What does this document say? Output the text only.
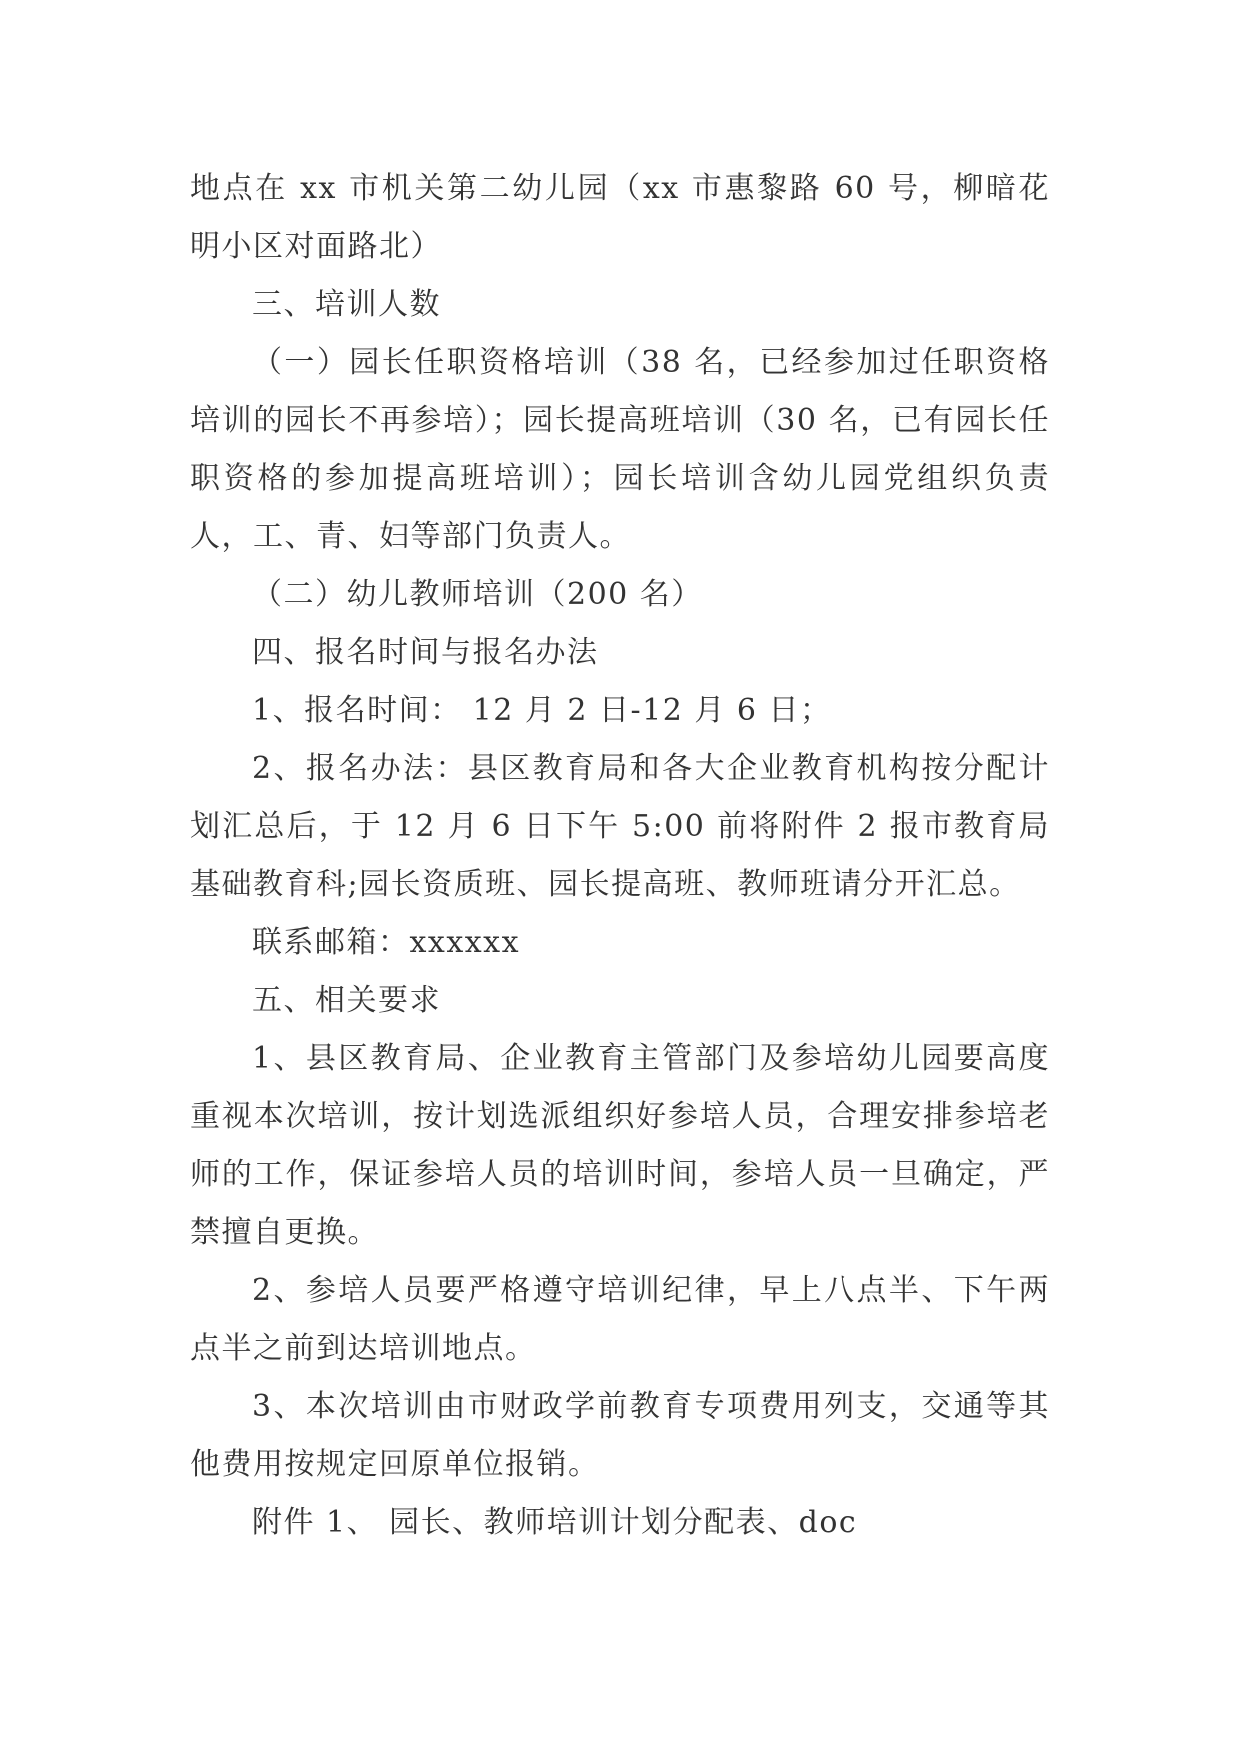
地点在 xx 市机关第二幼儿园（xx 市惠黎路 60 号，柳暗花明小区对面路北）

三、培训人数

（一）园长任职资格培训（38 名，已经参加过任职资格培训的园长不再参培）；园长提高班培训（30 名，已有园长任职资格的参加提高班培训）；园长培训含幼儿园党组织负责人，工、青、妇等部门负责人。

（二）幼儿教师培训（200 名）

四、报名时间与报名办法

1、报名时间： 12 月 2 日-12 月 6 日；

2、报名办法：县区教育局和各大企业教育机构按分配计划汇总后，于 12 月 6 日下午 5:00 前将附件 2 报市教育局基础教育科;园长资质班、园长提高班、教师班请分开汇总。

联系邮箱：xxxxxx

五、相关要求

1、县区教育局、企业教育主管部门及参培幼儿园要高度重视本次培训，按计划选派组织好参培人员，合理安排参培老师的工作，保证参培人员的培训时间，参培人员一旦确定，严禁擅自更换。

2、参培人员要严格遵守培训纪律，早上八点半、下午两点半之前到达培训地点。

3、本次培训由市财政学前教育专项费用列支，交通等其他费用按规定回原单位报销。

附件 1、 园长、教师培训计划分配表、doc
